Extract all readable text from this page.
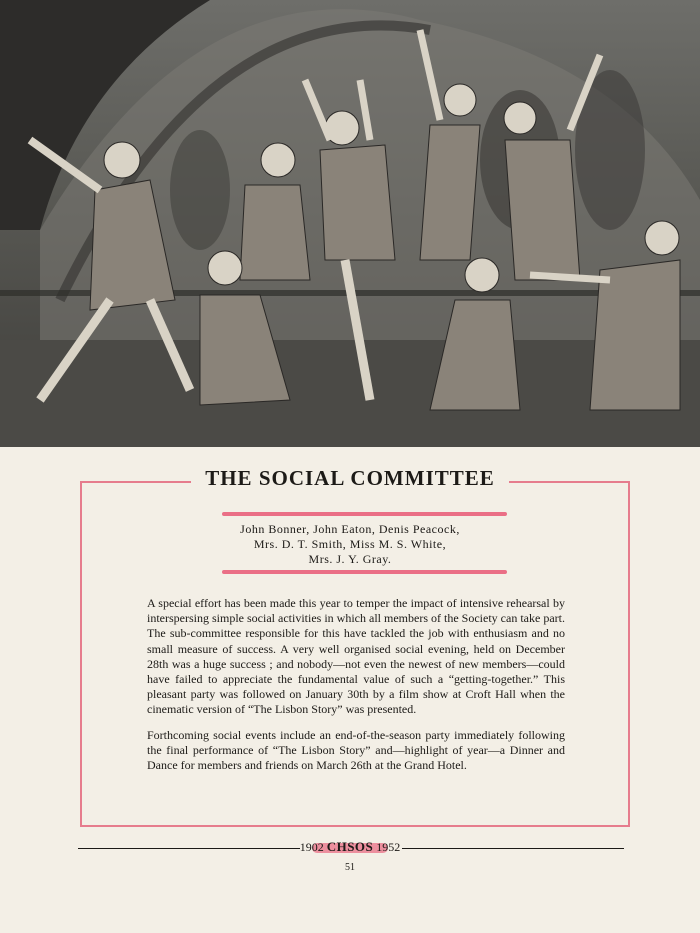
THE SOCIAL COMMITTEE
John Bonner, John Eaton, Denis Peacock,
Mrs. D. T. Smith, Miss M. S. White,
Mrs. J. Y. Gray.

A special effort has been made this year to temper the impact of intensive rehearsal by interspersing simple social activities in which all members of the Society can take part. The sub-committee responsible for this have tackled the job with enthusiasm and no small measure of success. A very well organised social evening, held on December 28th was a huge success ; and nobody—not even the newest of new members—could have failed to appreciate the fundamental value of such a “getting-together.” This pleasant party was followed on January 30th by a film show at Croft Hall when the cinematic version of “The Lisbon Story” was presented.

Forthcoming social events include an end-of-the-season party immediately following the final performance of “The Lisbon Story” and—highlight of year—a Dinner and Dance for members and friends on March 26th at the Grand Hotel.

1902 CHSOS 1952
51
